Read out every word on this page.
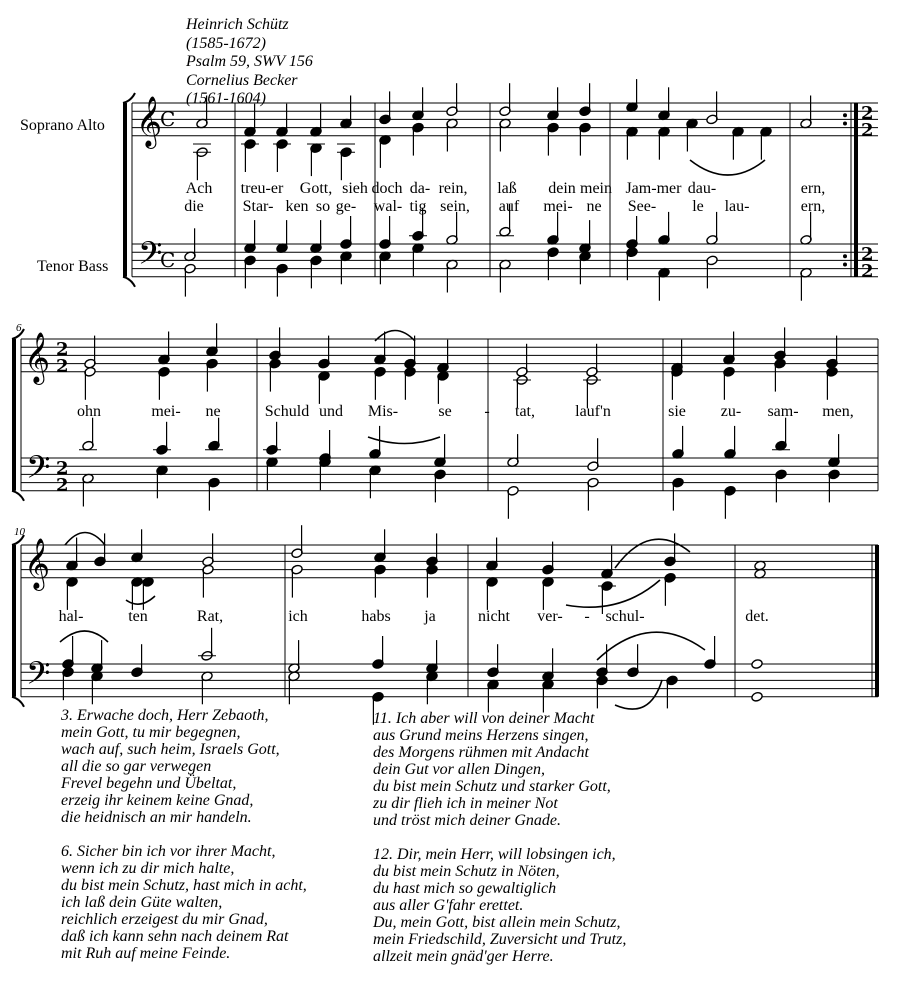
Heinrich Schütz
(1585-1672)
Psalm 59, SWV 156
Cornelius Becker
(1561-1604)
Soprano Alto
Tenor Bass
6
10
𝄞
𝄢
C
C
2
2
2
2
𝄞
𝄢
2
2
2
2
𝄞
𝄢
Ach treu-er Gott, sieh doch da- rein, laß dein mein Jam- mer dau-	ern,
die Star- ken so ge- wal- tig sein, auf mei- ne See- le lau-	ern,
ohn	mei- ne	Schuld und Mis-	se - tat,	lauf'n	sie zu- sam- men,
hal-	ten	Rat,	ich	habs ja	nicht ver- - schul-	det.
3. Erwache doch, Herr Zebaoth,
mein Gott, tu mir begegnen,
wach auf, such heim, Israels Gott,
all die so gar verwegen
Frevel begehn und Übeltat,
erzeig ihr keinem keine Gnad,
die heidnisch an mir handeln.
6. Sicher bin ich vor ihrer Macht,
wenn ich zu dir mich halte,
du bist mein Schutz, hast mich in acht,
ich laß dein Güte walten,
reichlich erzeigest du mir Gnad,
daß ich kann sehn nach deinem Rat
mit Ruh auf meine Feinde.
11. Ich aber will von deiner Macht
aus Grund meins Herzens singen,
des Morgens rühmen mit Andacht
dein Gut vor allen Dingen,
du bist mein Schutz und starker Gott,
zu dir flieh ich in meiner Not
und tröst mich deiner Gnade.
12. Dir, mein Herr, will lobsingen ich,
du bist mein Schutz in Nöten,
du hast mich so gewaltiglich
aus aller G'fahr erettet.
Du, mein Gott, bist allein mein Schutz,
mein Friedschild, Zuversicht und Trutz,
allzeit mein gnäd'ger Herre.
